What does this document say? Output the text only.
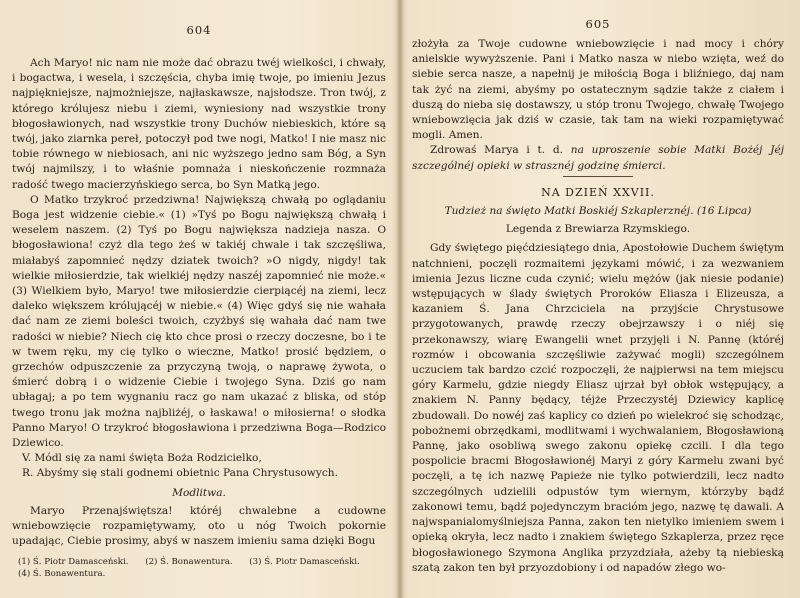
604

Ach Maryo! nic nam nie może dać obrazu twéj wielkości, i chwały, i bogactwa, i wesela, i szczęścia, chyba imię twoje, po imieniu Jezus najpiękniejsze, najmożniejsze, najłaskawsze, najsłodsze. Tron twój, z którego królujesz niebu i ziemi, wyniesiony nad wszystkie trony błogosławionych, nad wszystkie trony Duchów niebieskich, które są twój, jako ziarnka pereł, potoczył pod twe nogi, Matko! I nie masz nic tobie równego w niebiosach, ani nic wyższego jedno sam Bóg, a Syn twój najmilszy, i to właśnie pomnaża i nieskończenie rozmnaża radość twego macierzyńskiego serca, bo Syn Matką jego.

O Matko trzykroć przedziwna! Największą chwałą po oglądaniu Boga jest widzenie ciebie.« (1) »Tyś po Bogu największą chwałą i weselem naszem. (2) Tyś po Bogu największa nadzieja nasza. O błogosławiona! czyż dla tego żeś w takiéj chwale i tak szczęśliwa, miałabyś zapomnieć nędzy dziatek twoich? »O nigdy, nigdy! tak wielkie miłosierdzie, tak wielkiéj nędzy naszéj zapomnieć nie może.« (3) Wielkiem było, Maryo! twe miłosierdzie cierpiącéj na ziemi, lecz daleko większem królującéj w niebie.« (4) Więc gdyś się nie wahała dać nam ze ziemi boleści twoich, czyżbyś się wahała dać nam twe radości w niebie? Niech cię kto chce prosi o rzeczy doczesne, bo i te w twem ręku, my cię tylko o wieczne, Matko! prosić będziem, o grzechów odpuszczenie za przyczyną twoją, o naprawę żywota, o śmierć dobrą i o widzenie Ciebie i twojego Syna. Dziś go nam ubłagaj; a po tem wygnaniu racz go nam ukazać z bliska, od stóp twego tronu jak można najbliżéj, o łaskawa! o miłosierna! o słodka Panno Maryo! O trzykroć błogosławiona i przedziwna Boga—Rodzico Dziewico.

V. Módl się za nami święta Boża Rodzicielko,

R. Abyśmy się stali godnemi obietnic Pana Chrystusowych.

Modlitwa.

Maryo Przenajświętsza! któréj chwalebne a cudowne wniebowzięcie rozpamiętywamy, oto u nóg Twoich pokornie upadając, Ciebie prosimy, abyś w naszem imieniu sama dzięki Bogu

(1) Ś. Piotr Damasceński. (2) Ś. Bonawentura. (3) Ś. Piotr Damasceński.
(4) Ś. Bonawentura.
605

złożyła za Twoje cudowne wniebowzięcie i nad mocy i chóry anielskie wywyższenie. Pani i Matko nasza w niebo wzięta, weź do siebie serca nasze, a napełnij je miłością Boga i bliźniego, daj nam tak żyć na ziemi, abyśmy po ostatecznym sądzie także z ciałem i duszą do nieba się dostawszy, u stóp tronu Twojego, chwałę Twojego wniebowzięcia jak dziś w czasie, tak tam na wieki rozpamiętywać mogli. Amen.

Zdrowaś Marya i t. d. na uproszenie sobie Matki Bożéj Jéj szczególnéj opieki w strasznéj godzinę śmierci.

NA DZIEŃ XXVII.
Tudzież na święto Matki Boskiéj Szkaplerznéj. (16 Lipca)
Legenda z Brewiarza Rzymskiego.

Gdy świętego pięćdziesiątego dnia, Apostołowie Duchem świętym natchnieni, poczęli rozmaitemi językami mówić, i za wezwaniem imienia Jezus liczne cuda czynić; wielu mężów (jak niesie podanie) wstępujących w ślady świętych Proroków Eliasza i Elizeusza, a kazaniem Ś. Jana Chrzciciela na przyjście Chrystusowe przygotowanych, prawdę rzeczy obejrzawszy i o niéj się przekonawszy, wiarę Ewangelii wnet przyjęli i N. Pannę (któréj rozmów i obcowania szczęśliwie zażywać mogli) szczególnem uczuciem tak bardzo czcić rozpoczęli, że najpierwsi na tem miejscu góry Karmelu, gdzie niegdy Eliasz ujrzał był obłok wstępujący, a znakiem N. Panny będący, téjże Przeczystéj Dziewicy kaplicę zbudowali. Do nowéj zaś kaplicy co dzień po wielekroć się schodząc, pobożnemi obrzędkami, modlitwami i wychwalaniem, Błogosławioną Pannę, jako osobliwą swego zakonu opiekę czcili. I dla tego pospolicie bracmi Błogosławionéj Maryi z góry Karmelu zwani być poczęli, a tę ich nazwę Papieże nie tylko potwierdzili, lecz nadto szczególnych udzielili odpustów tym wiernym, którzyby bądź zakonowi temu, bądź pojedynczym bracióm jego, nazwę tę dawali. A najwspanialomyślniejsza Panna, zakon ten nietylko imieniem swem i opieką okryła, lecz nadto i znakiem świętego Szkaplerza, przez ręce błogosławionego Szymona Anglika przyzdziała, ażeby tą niebieską szatą zakon ten był przyozdobiony i od napadów złego wo-
